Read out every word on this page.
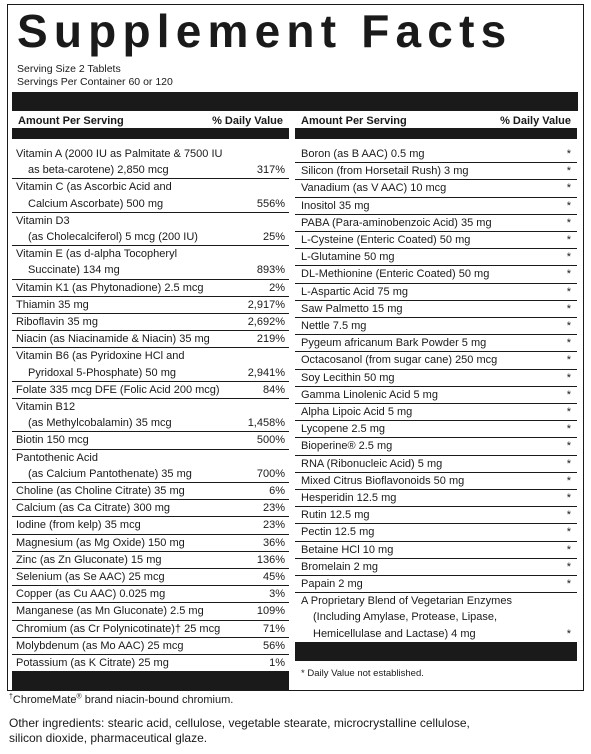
Supplement Facts
Serving Size 2 Tablets
Servings Per Container 60 or 120
Amount Per Serving	% Daily Value
Vitamin A (2000 IU as Palmitate & 7500 IU
as beta-carotene) 2,850 mcg	317%
Vitamin C (as Ascorbic Acid and
Calcium Ascorbate) 500 mg	556%
Vitamin D3
(as Cholecalciferol) 5 mcg (200 IU)	25%
Vitamin E (as d-alpha Tocopheryl
Succinate) 134 mg	893%
Vitamin K1 (as Phytonadione) 2.5 mcg	2%
Thiamin 35 mg	2,917%
Riboflavin 35 mg	2,692%
Niacin (as Niacinamide & Niacin) 35 mg	219%
Vitamin B6 (as Pyridoxine HCl and
Pyridoxal 5-Phosphate) 50 mg	2,941%
Folate 335 mcg DFE (Folic Acid 200 mcg)	84%
Vitamin B12
(as Methylcobalamin) 35 mcg	1,458%
Biotin 150 mcg	500%
Pantothenic Acid
(as Calcium Pantothenate) 35 mg	700%
Choline (as Choline Citrate) 35 mg	6%
Calcium (as Ca Citrate) 300 mg	23%
Iodine (from kelp) 35 mcg	23%
Magnesium (as Mg Oxide) 150 mg	36%
Zinc (as Zn Gluconate) 15 mg	136%
Selenium (as Se AAC) 25 mcg	45%
Copper (as Cu AAC) 0.025 mg	3%
Manganese (as Mn Gluconate) 2.5 mg	109%
Chromium (as Cr Polynicotinate)† 25 mcg	71%
Molybdenum (as Mo AAC) 25 mcg	56%
Potassium (as K Citrate) 25 mg	1%
Amount Per Serving	% Daily Value
Boron (as B AAC) 0.5 mg	*
Silicon (from Horsetail Rush) 3 mg	*
Vanadium (as V AAC) 10 mcg	*
Inositol 35 mg	*
PABA (Para-aminobenzoic Acid) 35 mg	*
L-Cysteine (Enteric Coated) 50 mg	*
L-Glutamine 50 mg	*
DL-Methionine (Enteric Coated) 50 mg	*
L-Aspartic Acid 75 mg	*
Saw Palmetto 15 mg	*
Nettle 7.5 mg	*
Pygeum africanum Bark Powder 5 mg	*
Octacosanol (from sugar cane) 250 mcg	*
Soy Lecithin 50 mg	*
Gamma Linolenic Acid 5 mg	*
Alpha Lipoic Acid 5 mg	*
Lycopene 2.5 mg	*
Bioperine® 2.5 mg	*
RNA (Ribonucleic Acid) 5 mg	*
Mixed Citrus Bioflavonoids 50 mg	*
Hesperidin 12.5 mg	*
Rutin 12.5 mg	*
Pectin 12.5 mg	*
Betaine HCl 10 mg	*
Bromelain 2 mg	*
Papain 2 mg	*
A Proprietary Blend of Vegetarian Enzymes
(Including Amylase, Protease, Lipase,
Hemicellulase and Lactase) 4 mg	*
* Daily Value not established.
†ChromeMate® brand niacin-bound chromium.
Other ingredients: stearic acid, cellulose, vegetable stearate, microcrystalline cellulose,
silicon dioxide, pharmaceutical glaze.
